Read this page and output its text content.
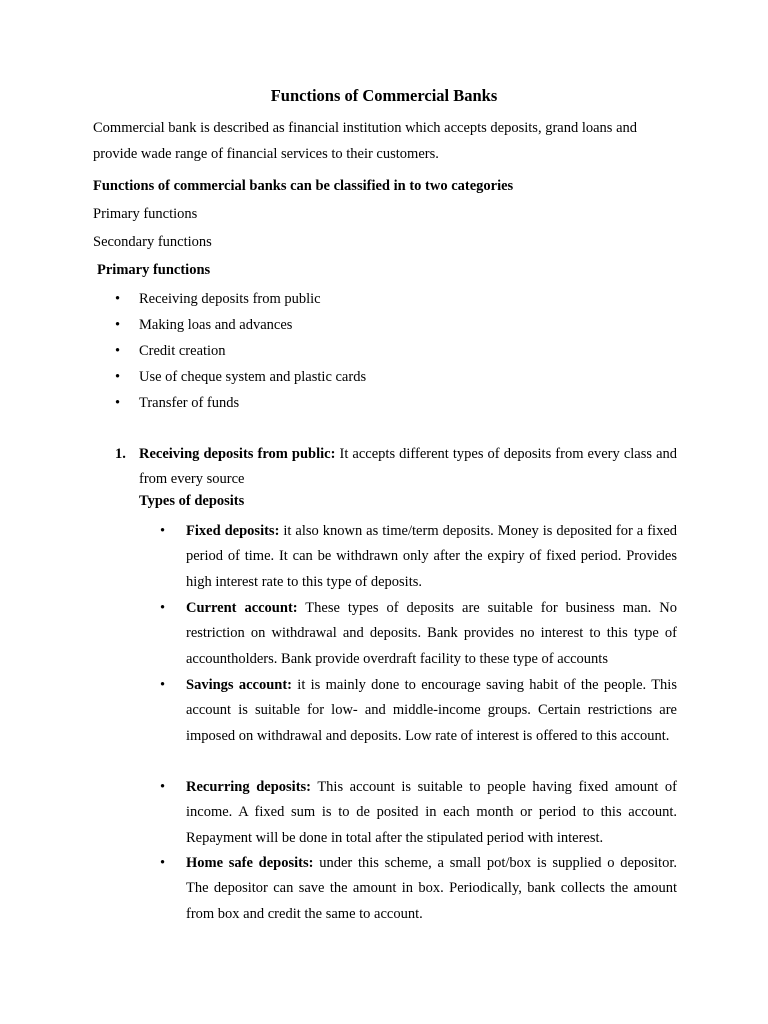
Functions of Commercial Banks
Commercial bank is described as financial institution which accepts deposits, grand loans and provide wade range of financial services to their customers.
Functions of commercial banks can be classified in to two categories
Primary functions
Secondary functions
Primary functions
• Receiving deposits from public
• Making loas and advances
• Credit creation
• Use of cheque system and plastic cards
• Transfer of funds
1. Receiving deposits from public: It accepts different types of deposits from every class and from every source
Types of deposits
• Fixed deposits: it also known as time/term deposits. Money is deposited for a fixed period of time. It can be withdrawn only after the expiry of fixed period. Provides high interest rate to this type of deposits.
• Current account: These types of deposits are suitable for business man. No restriction on withdrawal and deposits. Bank provides no interest to this type of accountholders. Bank provide overdraft facility to these type of accounts
• Savings account: it is mainly done to encourage saving habit of the people. This account is suitable for low- and middle-income groups. Certain restrictions are imposed on withdrawal and deposits. Low rate of interest is offered to this account.
• Recurring deposits: This account is suitable to people having fixed amount of income. A fixed sum is to de posited in each month or period to this account. Repayment will be done in total after the stipulated period with interest.
• Home safe deposits: under this scheme, a small pot/box is supplied o depositor. The depositor can save the amount in box. Periodically, bank collects the amount from box and credit the same to account.
